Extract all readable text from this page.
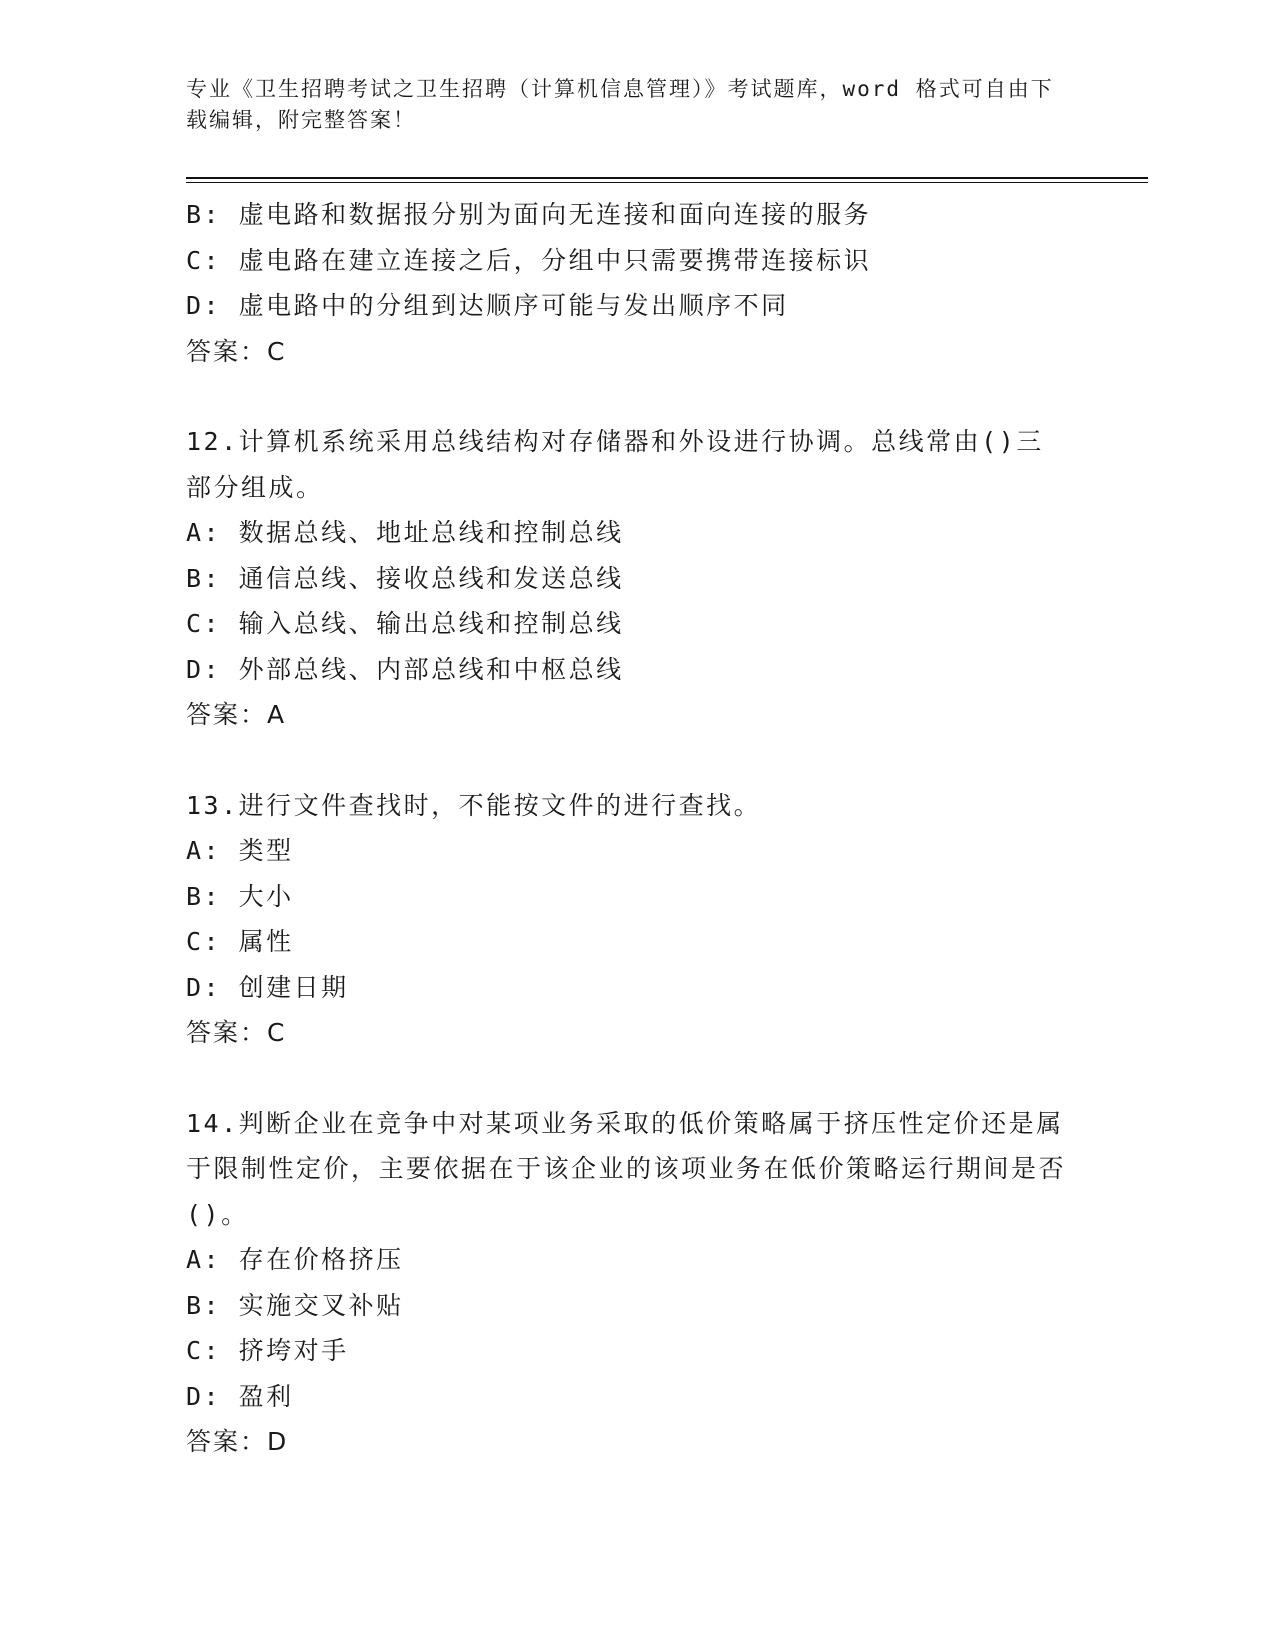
专业《卫生招聘考试之卫生招聘（计算机信息管理）》考试题库，word 格式可自由下载编辑，附完整答案！

B: 虚电路和数据报分别为面向无连接和面向连接的服务

C: 虚电路在建立连接之后，分组中只需要携带连接标识

D: 虚电路中的分组到达顺序可能与发出顺序不同

答案：C

12.计算机系统采用总线结构对存储器和外设进行协调。总线常由()三部分组成。

A: 数据总线、地址总线和控制总线

B: 通信总线、接收总线和发送总线

C: 输入总线、输出总线和控制总线

D: 外部总线、内部总线和中枢总线

答案：A

13.进行文件查找时，不能按文件的进行查找。

A: 类型

B: 大小

C: 属性

D: 创建日期

答案：C

14.判断企业在竞争中对某项业务采取的低价策略属于挤压性定价还是属于限制性定价，主要依据在于该企业的该项业务在低价策略运行期间是否()。

A: 存在价格挤压

B: 实施交叉补贴

C: 挤垮对手

D: 盈利

答案：D
